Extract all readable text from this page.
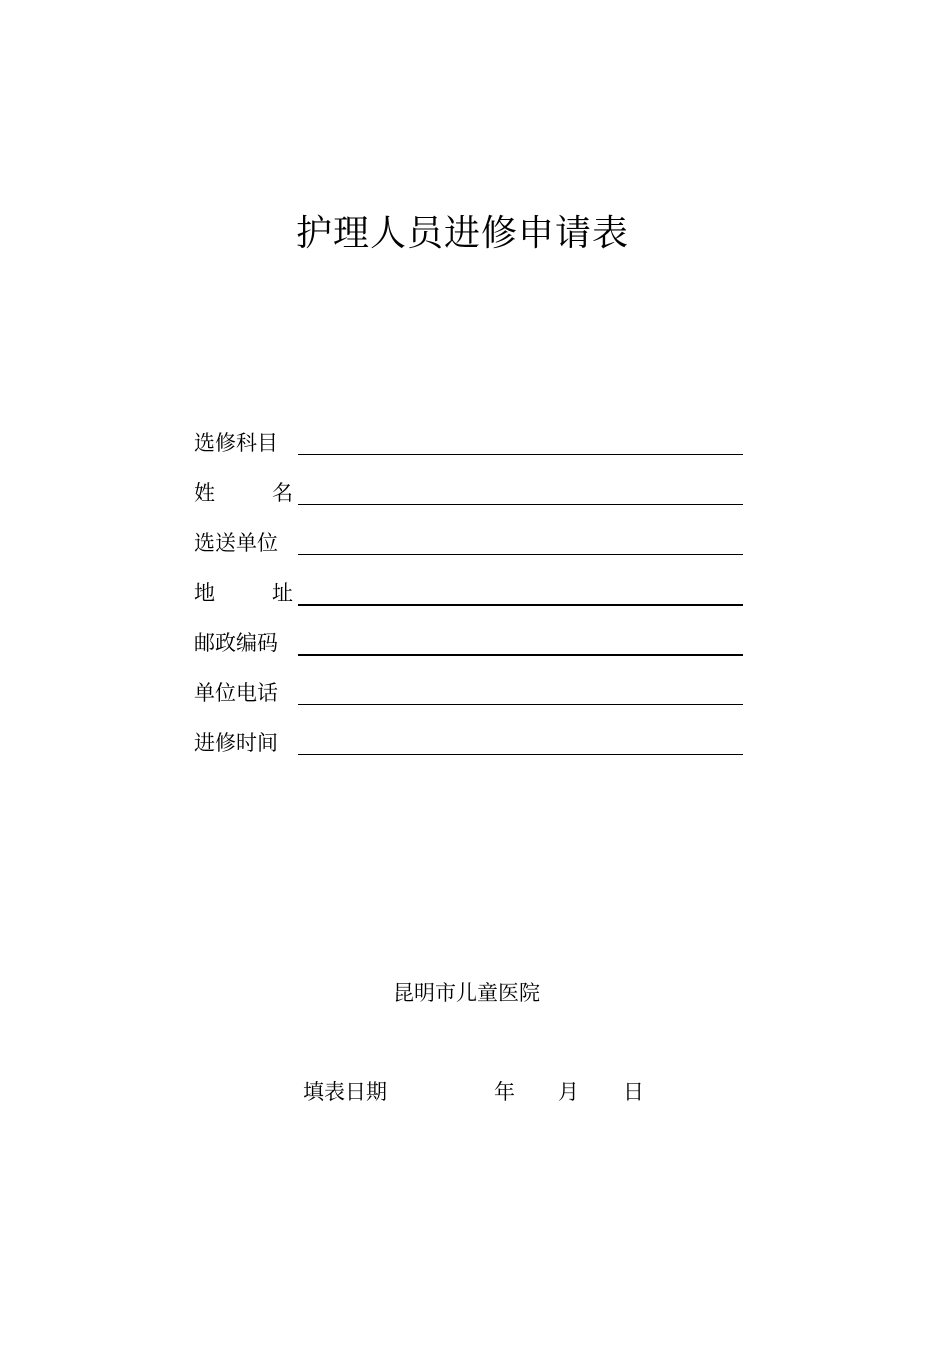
护理人员进修申请表
选修科目
姓	名
选送单位
地	址
邮政编码
单位电话
进修时间
昆明市儿童医院
填表日期	年 月 日
